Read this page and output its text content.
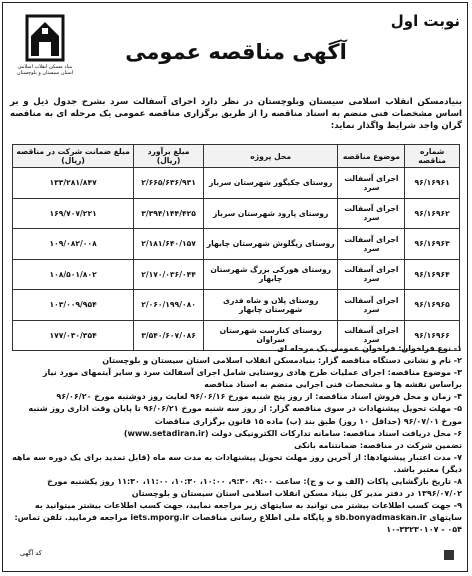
نوبت اول
آگهی مناقصه عمومی
بنیاد مسکن انقلاب اسلامی استان سیستان و بلوچستان
بنیادمسکن انقلاب اسلامی سیستان وبلوچستان در نظر دارد اجرای آسفالت سرد بشرح جدول ذیل و بر اساس مشخصات فنی منضم به اسناد مناقصه را از طریق برگزاری مناقصه عمومی یک مرحله ای به مناقصه گران واجد شرایط واگذار نماید:
شماره مناقصه	موضوع مناقصه	محل پروژه	مبلغ برآورد (ریال)	مبلغ ضمانت شرکت در مناقصه (ریال)
۹۶/۱۶۹۶۱	اجرای آسفالت سرد	روستای جکیگور شهرستان سرباز	۲/۶۶۵/۶۳۶/۹۳۱	۱۳۳/۲۸۱/۸۴۷
۹۶/۱۶۹۶۲	اجرای آسفالت سرد	روستای پارود شهرستان سرباز	۳/۳۹۴/۱۴۴/۴۲۵	۱۶۹/۷۰۷/۲۲۱
۹۶/۱۶۹۶۳	اجرای آسفالت سرد	روستای زیگلوش شهرستان چابهار	۲/۱۸۱/۶۴۰/۱۵۷	۱۰۹/۰۸۲/۰۰۸
۹۶/۱۶۹۶۴	اجرای آسفالت سرد	روستای هورکی بزرگ شهرستان چابهار	۲/۱۷۰/۰۳۶/۰۴۴	۱۰۸/۵۰۱/۸۰۲
۹۶/۱۶۹۶۵	اجرای آسفالت سرد	روستای پلان و شاه فدری شهرستان چابهار	۲/۰۶۰/۱۹۹/۰۸۰	۱۰۳/۰۰۹/۹۵۴
۹۶/۱۶۹۶۶	اجرای آسفالت سرد	روستای کنارست شهرستان سراوان	۳/۵۴۰/۶۰۷/۰۸۶	۱۷۷/۰۳۰/۳۵۴

۱- نوع فراخوان: فراخوان عمومی یک مرحله ای

۲- نام و نشانی دستگاه مناقصه گزار: بنیادمسکن انقلاب اسلامی استان سیستان و بلوچستان

۳- موضوع مناقصه: اجرای عملیات طرح هادی روستایی شامل اجرای آسفالت سرد و سایر آیتمهای مورد نیاز براساس نقشه ها و مشخصات فنی اجرایی منضم به اسناد مناقصه

۴- زمان و محل فروش اسناد مناقصه: از روز پنج شنبه مورخ ۹۶/۰۶/۱۶ لغایت روز دوشنبه مورخ ۹۶/۰۶/۲۰

۵- مهلت تحویل پیشنهادات در سوی مناقصه گزار: از روز سه شنبه مورخ ۹۶/۰۶/۲۱ تا پایان وقت اداری روز شنبه مورخ ۹۶/۰۷/۰۱ (حداقل ۱۰ روز) طبق بند (ب) ماده ۱۵ قانون برگزاری مناقصات

۶- محل دریافت اسناد مناقصه: سامانه تدارکات الکترونیکی دولت (www.setadiran.ir)

تضمین شرکت در مناقصه: ضمانتنامه بانکی

۷- مدت اعتبار پیشنهادها: از آخرین روز مهلت تحویل پیشنهادات به مدت سه ماه (قابل تمدید برای یک دوره سه ماهه دیگر) معتبر باشد.

۸- تاریخ بازگشایی پاکات (الف و ب و ج): ساعت ۹:۰۰، ۹:۳۰، ۱۰:۰۰، ۱۰:۳۰، ۱۱:۰۰، ۱۱:۳۰ روز یکشنبه مورخ ۱۳۹۶/۰۷/۰۲ در دفتر مدیر کل بنیاد مسکن انقلاب اسلامی استان سیستان و بلوچستان

۹- جهت کسب اطلاعات بیشتر می توانید به سایتهای زیر مراجعه نمایید، جهت کسب اطلاعات بیشتر میتوانید به سایتهای sb.bonyadmaskan.ir و پایگاه ملی اطلاع رسانی مناقصات iets.mporg.ir مراجعه فرمایید. تلفن تماس: ۰۵۴ - ۳۳۲۳۰۱۰۷-۱۰

کد آگهی
